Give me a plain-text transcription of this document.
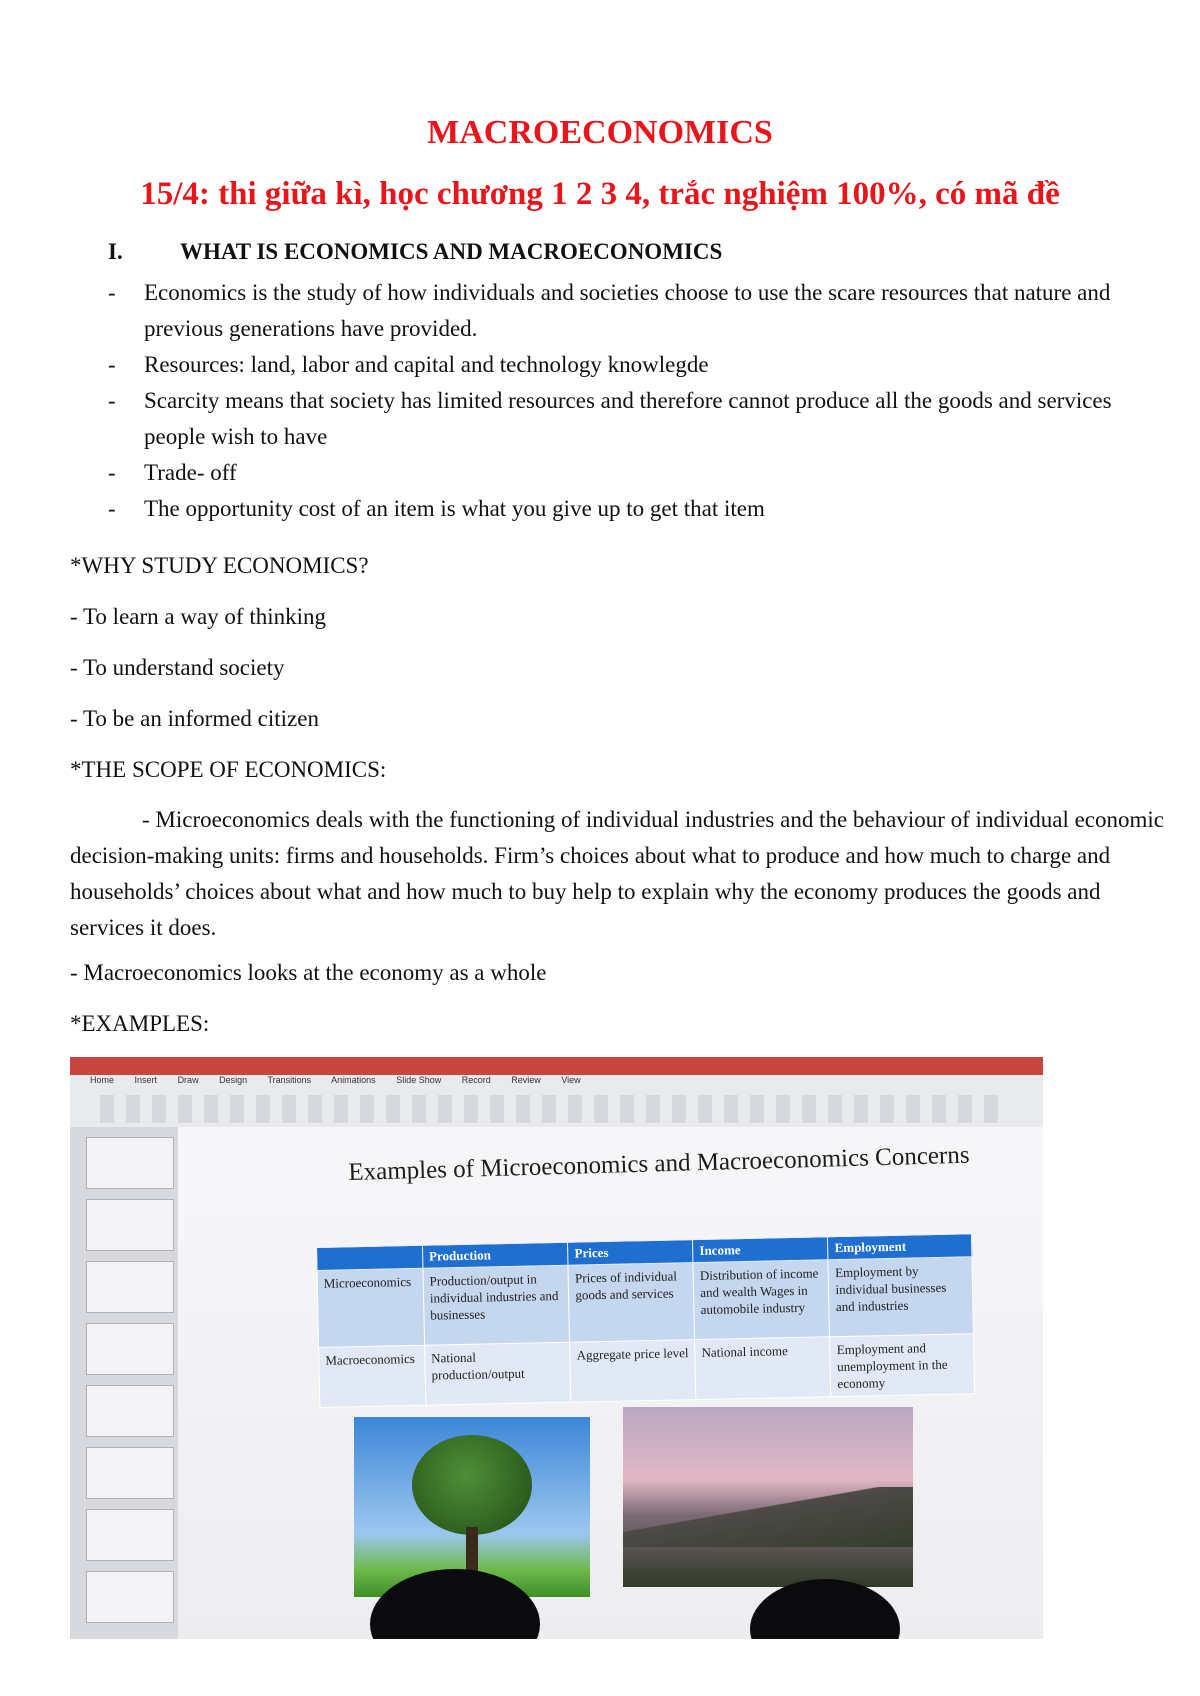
MACROECONOMICS
15/4: thi giữa kì, học chương 1 2 3 4, trắc nghiệm 100%, có mã đề
I. WHAT IS ECONOMICS AND MACROECONOMICS
- Economics is the study of how individuals and societies choose to use the scare resources that nature and previous generations have provided.
- Resources: land, labor and capital and technology knowlegde
- Scarcity means that society has limited resources and therefore cannot produce all the goods and services people wish to have
- Trade- off
- The opportunity cost of an item is what you give up to get that item

*WHY STUDY ECONOMICS?

- To learn a way of thinking

- To understand society

- To be an informed citizen

*THE SCOPE OF ECONOMICS:

- Microeconomics deals with the functioning of individual industries and the behaviour of individual economic decision-making units: firms and households. Firm’s choices about what to produce and how much to charge and households’ choices about what and how much to buy help to explain why the economy produces the goods and services it does.

- Macroeconomics looks at the economy as a whole

*EXAMPLES:

Home Insert Draw Design Transitions Animations Slide Show Record Review View
Examples of Microeconomics and Macroeconomics Concerns
	Production	Prices	Income	Employment
Microeconomics	Production/output in individual industries and businesses	Prices of individual goods and services	Distribution of income and wealth Wages in automobile industry	Employment by individual businesses and industries
Macroeconomics	National production/output	Aggregate price level	National income	Employment and unemployment in the economy
